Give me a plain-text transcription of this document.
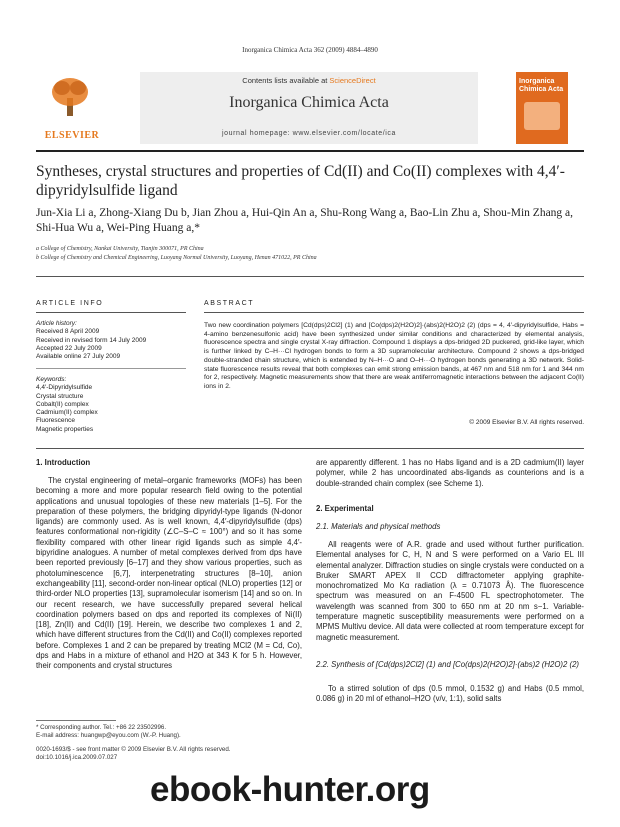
Inorganica Chimica Acta 362 (2009) 4884–4890
ELSEVIER
Contents lists available at ScienceDirect
Inorganica Chimica Acta
journal homepage: www.elsevier.com/locate/ica
Inorganica Chimica Acta
Syntheses, crystal structures and properties of Cd(II) and Co(II) complexes with 4,4′-dipyridylsulfide ligand
Jun-Xia Li a, Zhong-Xiang Du b, Jian Zhou a, Hui-Qin An a, Shu-Rong Wang a, Bao-Lin Zhu a, Shou-Min Zhang a, Shi-Hua Wu a, Wei-Ping Huang a,*
a College of Chemistry, Nankai University, Tianjin 300071, PR China
b College of Chemistry and Chemical Engineering, Luoyang Normal University, Luoyang, Henan 471022, PR China
ARTICLE INFO	ABSTRACT
Article history:
Received 8 April 2009
Received in revised form 14 July 2009
Accepted 22 July 2009
Available online 27 July 2009
Keywords:
4,4′-Dipyridylsulfide
Crystal structure
Cobalt(II) complex
Cadmium(II) complex
Fluorescence
Magnetic properties
Two new coordination polymers [Cd(dps)2Cl2] (1) and [Co(dps)2(H2O)2]·(abs)2(H2O)2 (2) (dps = 4, 4′-dipyridylsulfide, Habs = 4-amino benzenesulfonic acid) have been synthesized under similar conditions and characterized by elemental analysis, fluorescence spectra and single crystal X-ray diffraction. Compound 1 displays a dps-bridged 2D puckered, grid-like layer, which is further linked by C–H···Cl hydrogen bonds to form a 3D supramolecular architecture. Compound 2 shows a dps-bridged double-stranded chain structure, which is extended by N–H···O and O–H···O hydrogen bonds generating a 3D network. Solid-state fluorescence results reveal that both complexes can emit strong emission bands, at 467 nm and 518 nm for 1 and 344 nm for 2, respectively. Magnetic measurements show that there are weak antiferromagnetic interactions between the adjacent Co(II) ions in 2.
© 2009 Elsevier B.V. All rights reserved.
1. Introduction

The crystal engineering of metal–organic frameworks (MOFs) has been becoming a more and more popular research field owing to the potential applications and unusual topologies of these new materials [1–5]. For the preparation of these polymers, the bridging dipyridyl-type ligands (N-donor ligands) are commonly used. As is well known, 4,4′-dipyridylsulfide (dps) features conformational non-rigidity (∠C–S–C ≈ 100°) and so it has some flexibility compared with other linear rigid ligands such as simple 4,4′-bipyridine analogues. A number of metal complexes derived from dps have been reported previously [6–17] and they show various properties, such as photoluminescence [6,7], interpenetrating structures [8–10], anion exchangeability [11], second-order non-linear optical (NLO) properties [12] or third-order NLO properties [13], supramolecular isomerism [14] and so on. In our recent research, we have successfully prepared several helical coordination polymers based on dps and reported its complexes of Ni(II) [18], Zn(II) and Cd(II) [19]. Herein, we describe two complexes 1 and 2, which have different structures from the Cd(II) and Co(II) complexes reported before. Complexes 1 and 2 can be prepared by treating MCl2 (M = Cd, Co), dps and Habs in a mixture of ethanol and H2O at 343 K for 5 h. However, their components and crystal structures

are apparently different. 1 has no Habs ligand and is a 2D cadmium(II) layer polymer, while 2 has uncoordinated abs-ligands as counterions and is a double-stranded chain complex (see Scheme 1).

2. Experimental
2.1. Materials and physical methods

All reagents were of A.R. grade and used without further purification. Elemental analyses for C, H, N and S were performed on a Vario EL III elemental analyzer. Diffraction studies on single crystals were conducted on a Bruker SMART APEX II CCD diffractometer applying graphite-monochromatized Mo Kα radiation (λ = 0.71073 Å). The fluorescence spectrum was measured on an F-4500 FL spectrophotometer. The wavelength was scanned from 300 to 650 nm at 20 nm s−1. Variable-temperature magnetic susceptibility measurements were performed on a MPMS Multivu device. All data were collected at room temperature except for magnetic measurement.

2.2. Synthesis of [Cd(dps)2Cl2] (1) and [Co(dps)2(H2O)2]·(abs)2 (H2O)2 (2)

To a stirred solution of dps (0.5 mmol, 0.1532 g) and Habs (0.5 mmol, 0.086 g) in 20 ml of ethanol–H2O (v/v, 1:1), solid salts

* Corresponding author. Tel.: +86 22 23502996.
E-mail address: huangwp@eyou.com (W.-P. Huang).
0020-1693/$ - see front matter © 2009 Elsevier B.V. All rights reserved.
doi:10.1016/j.ica.2009.07.027
ebook-hunter.org
